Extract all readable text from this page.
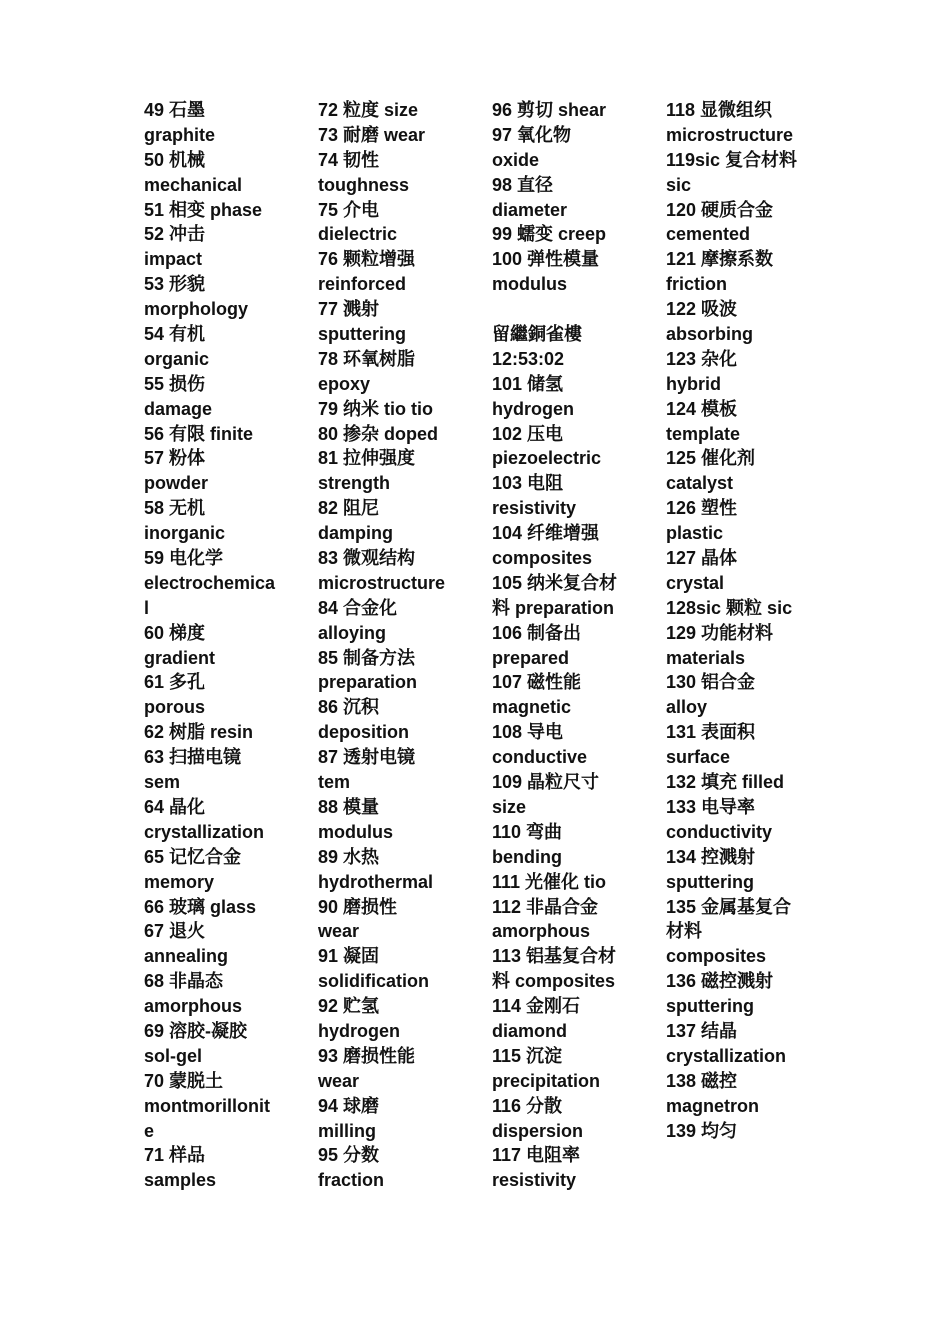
49 石墨
graphite
50 机械
mechanical
51 相变 phase
52 冲击
impact
53 形貌
morphology
54 有机
organic
55 损伤
damage
56 有限 finite
57 粉体
powder
58 无机
inorganic
59 电化学
electrochemica
l
60 梯度
gradient
61 多孔
porous
62 树脂 resin
63 扫描电镜
sem
64 晶化
crystallization
65 记忆合金
memory
66 玻璃 glass
67 退火
annealing
68 非晶态
amorphous
69 溶胶-凝胶
sol-gel
70 蒙脱土
montmorillonit
e
71 样品
samples
72 粒度 size
73 耐磨 wear
74 韧性
toughness
75 介电
dielectric
76 颗粒增强
reinforced
77 溅射
sputtering
78 环氧树脂
epoxy
79 纳米 tio tio
80 掺杂 doped
81 拉伸强度
strength
82 阻尼
damping
83 微观结构
microstructure
84 合金化
alloying
85 制备方法
preparation
86 沉积
deposition
87 透射电镜
tem
88 模量
modulus
89 水热
hydrothermal
90 磨损性
wear
91 凝固
solidification
92 贮氢
hydrogen
93 磨损性能
wear
94 球磨
milling
95 分数
fraction
96 剪切 shear
97 氧化物
oxide
98 直径
diameter
99 蠕变 creep
100 弹性模量
modulus
留繼銅雀樓
12:53:02
101 储氢
hydrogen
102 压电
piezoelectric
103 电阻
resistivity
104 纤维增强
composites
105 纳米复合材
料 preparation
106 制备出
prepared
107 磁性能
magnetic
108 导电
conductive
109 晶粒尺寸
size
110 弯曲
bending
111 光催化 tio
112 非晶合金
amorphous
113 铝基复合材
料 composites
114 金刚石
diamond
115 沉淀
precipitation
116 分散
dispersion
117 电阻率
resistivity
118 显微组织
microstructure
119sic 复合材料
sic
120 硬质合金
cemented
121 摩擦系数
friction
122 吸波
absorbing
123 杂化
hybrid
124 模板
template
125 催化剂
catalyst
126 塑性
plastic
127 晶体
crystal
128sic 颗粒 sic
129 功能材料
materials
130 铝合金
alloy
131 表面积
surface
132 填充 filled
133 电导率
conductivity
134 控溅射
sputtering
135 金属基复合
材料
composites
136 磁控溅射
sputtering
137 结晶
crystallization
138 磁控
magnetron
139 均匀
